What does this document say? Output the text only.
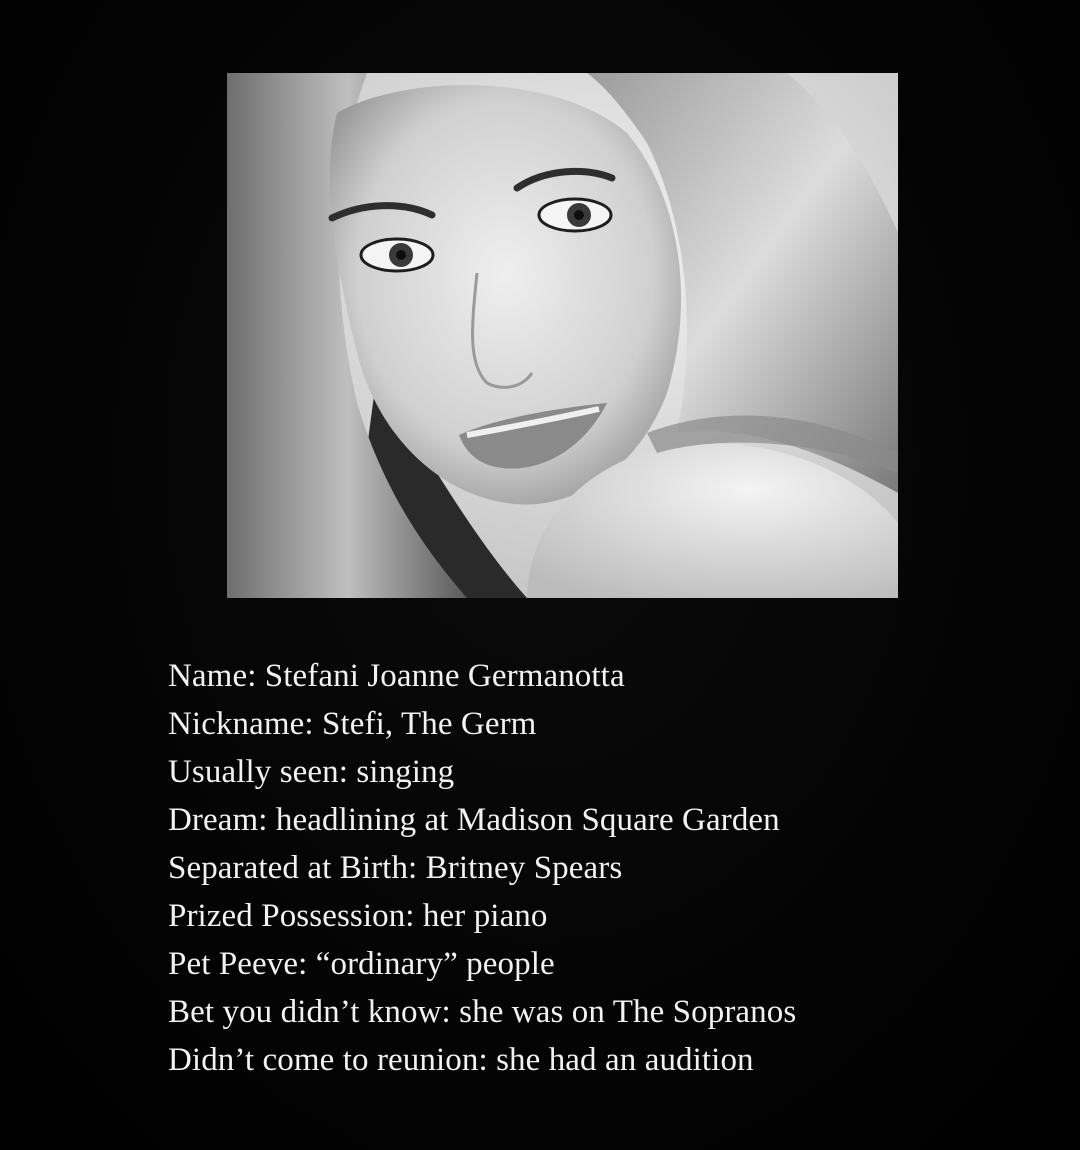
Name: Stefani Joanne Germanotta
Nickname: Stefi, The Germ
Usually seen: singing
Dream: headlining at Madison Square Garden
Separated at Birth: Britney Spears
Prized Possession: her piano
Pet Peeve: “ordinary” people
Bet you didn’t know: she was on The Sopranos
Didn’t come to reunion: she had an audition
